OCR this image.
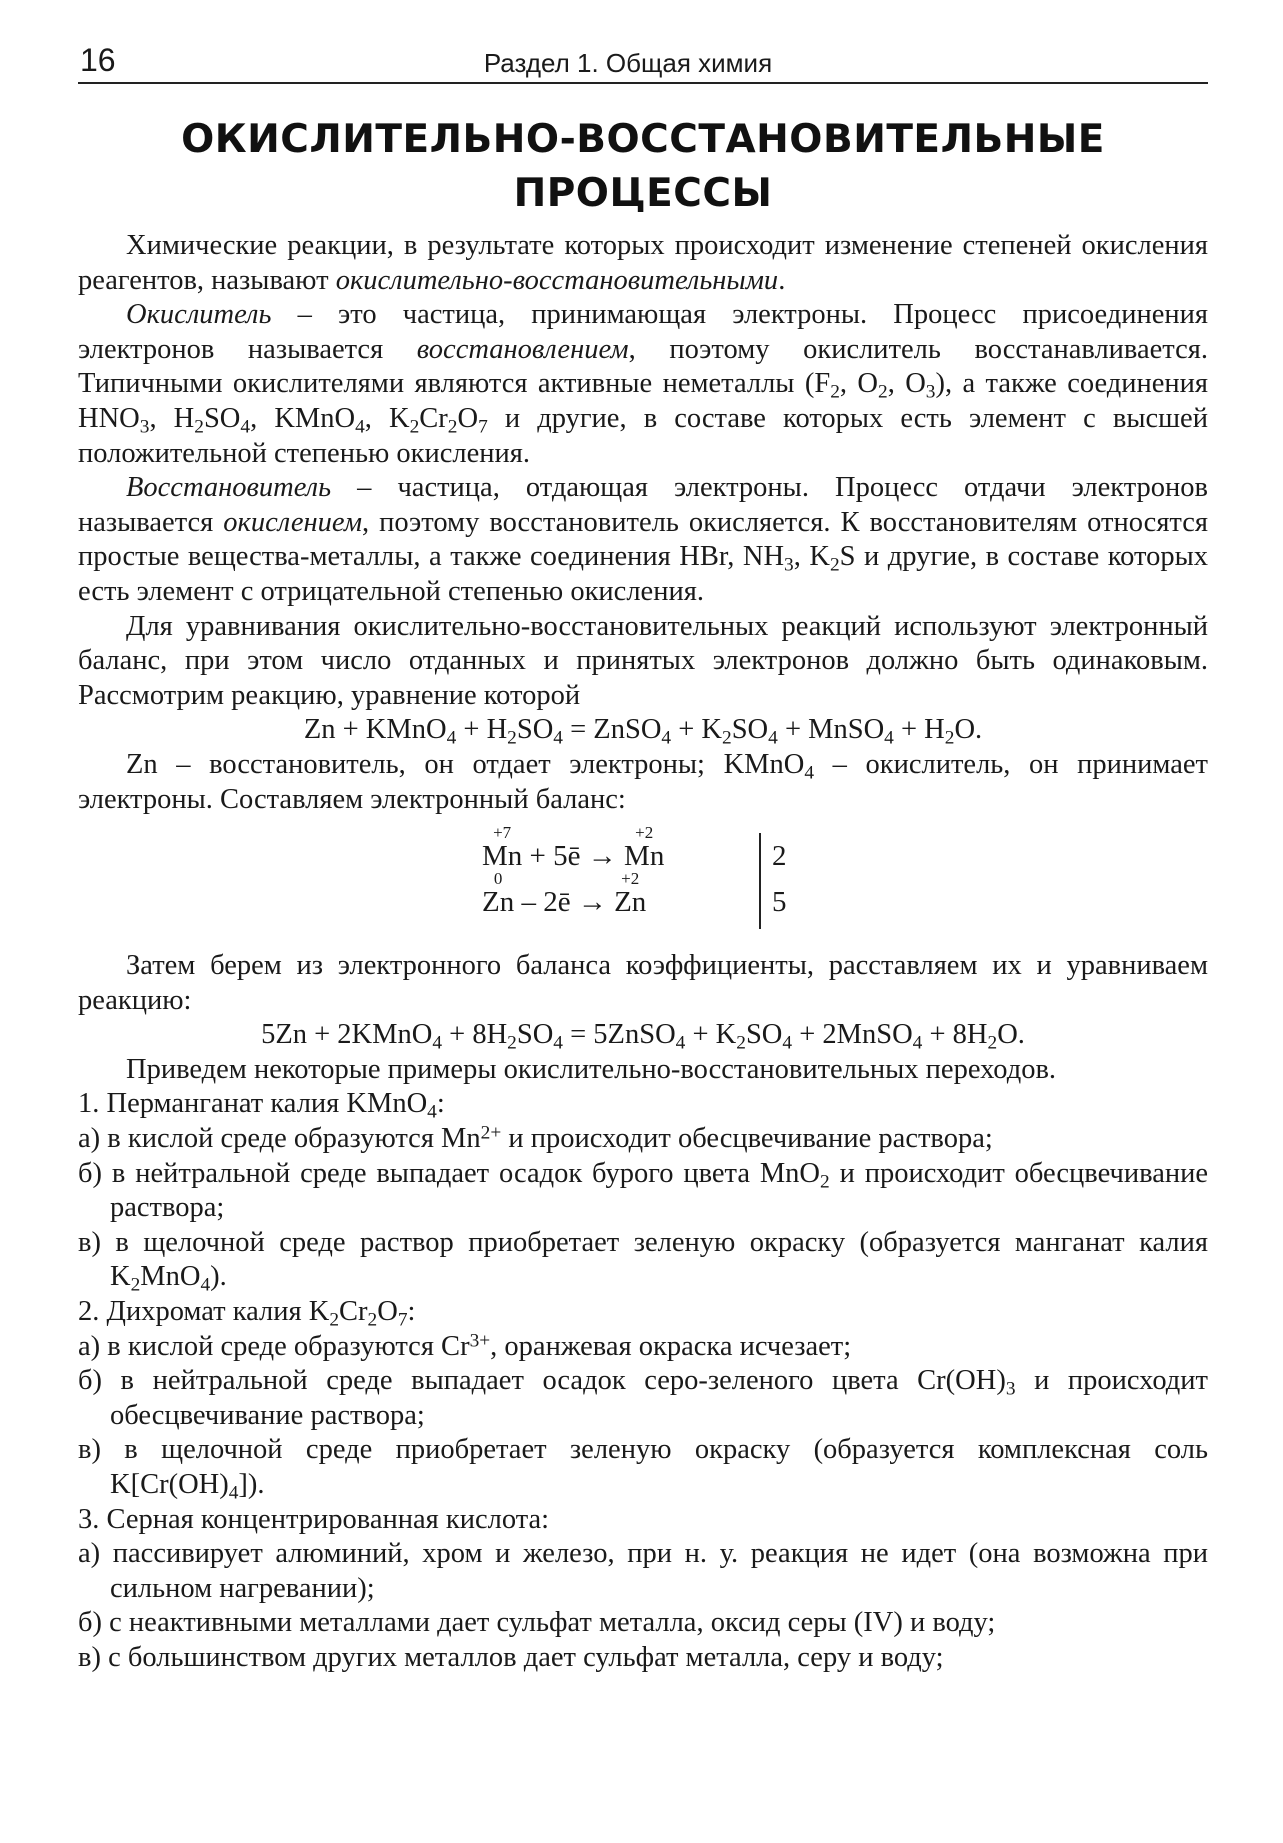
16	Раздел 1. Общая химия
ОКИСЛИТЕЛЬНО-ВОССТАНОВИТЕЛЬНЫЕ
ПРОЦЕССЫ

Химические реакции, в результате которых происходит изменение степеней окисления реагентов, называют окислительно-восстановительными.

Окислитель – это частица, принимающая электроны. Процесс присоединения электронов называется восстановлением, поэтому окислитель восстанавливается. Типичными окислителями являются активные неметаллы ($F_2$, $O_2$, $O_3$), а также соединения $HNO_3$, $H_2SO_4$, KMnO$_4$, $K_2Cr_2O_7$ и другие, в составе которых есть элемент с высшей положительной степенью окисления.

Восстановитель – частица, отдающая электроны. Процесс отдачи электронов называется окислением, поэтому восстановитель окисляется. К восстановителям относятся простые вещества-металлы, а также соединения HBr, $NH_3$, $K_2S$ и другие, в составе которых есть элемент с отрицательной степенью окисления.

Для уравнивания окислительно-восстановительных реакций используют электронный баланс, при этом число отданных и принятых электронов должно быть одинаковым. Рассмотрим реакцию, уравнение которой

Zn + KMnO$_4$ + $H_2SO_4$ = ZnSO$_4$ + $K_2SO_4$ + MnSO$_4$ + $H_2O$.

Zn – восстановитель, он отдает электроны; KMnO$_4$ – окислитель, он принимает электроны. Составляем электронный баланс:

+7
Mn + 5ē →
+2
Mn
0
Zn – 2ē →
+2
Zn
2
5

Затем берем из электронного баланса коэффициенты, расставляем их и уравниваем реакцию:

5Zn + 2KMnO$_4$ + $8H_2SO_4$ = 5ZnSO$_4$ + $K_2SO_4$ + 2MnSO$_4$ + $8H_2O$.

Приведем некоторые примеры окислительно-восстановительных переходов.

1. Перманганат калия KMnO$_4$:

а) в кислой среде образуются $Mn^{2+}$ и происходит обесцвечивание раствора;

б) в нейтральной среде выпадает осадок бурого цвета MnO$_2$ и происходит обесцвечивание раствора;

в) в щелочной среде раствор приобретает зеленую окраску (образуется манганат калия $K_2MnO_4$).

2. Дихромат калия $K_2Cr_2O_7$:

а) в кислой среде образуются $Cr^{3+}$, оранжевая окраска исчезает;

б) в нейтральной среде выпадает осадок серо-зеленого цвета $Cr(OH)_3$ и происходит обесцвечивание раствора;

в) в щелочной среде приобретает зеленую окраску (образуется комплексная соль $K[Cr(OH)_4]$).

3. Серная концентрированная кислота:

а) пассивирует алюминий, хром и железо, при н. у. реакция не идет (она возможна при сильном нагревании);

б) с неактивными металлами дает сульфат металла, оксид серы (IV) и воду;

в) с большинством других металлов дает сульфат металла, серу и воду;
